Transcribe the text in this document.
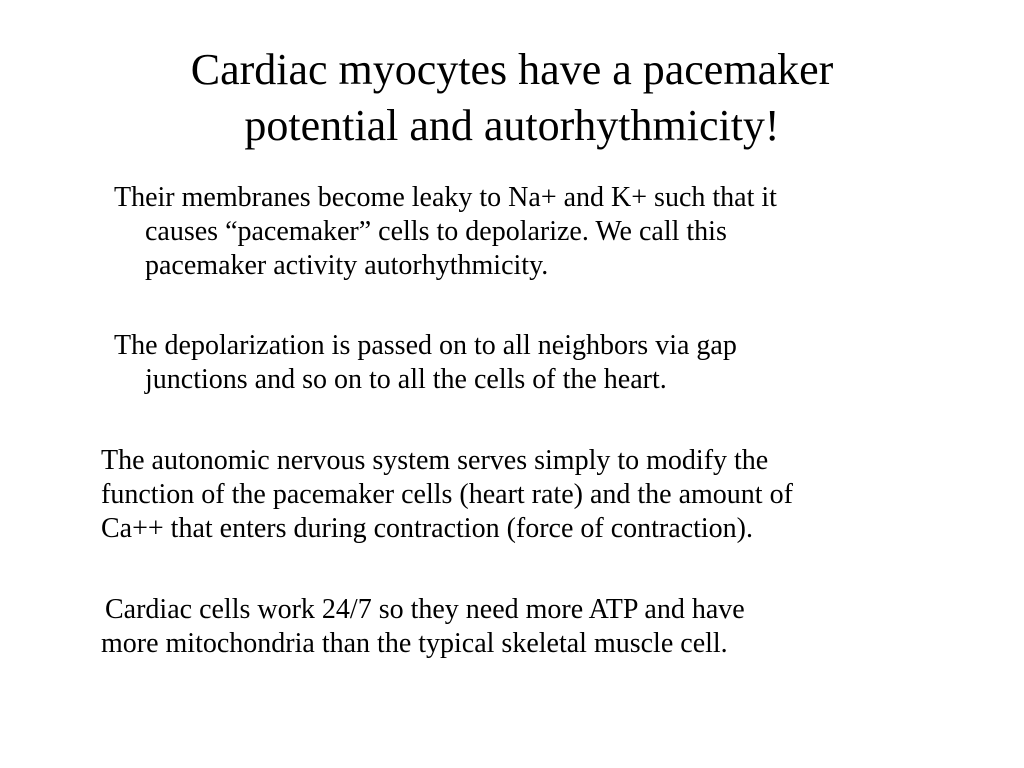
Cardiac myocytes have a pacemaker
potential and autorhythmicity!
Their membranes become leaky to Na+ and K+ such that it
causes “pacemaker” cells to depolarize. We call this
pacemaker activity autorhythmicity.
The depolarization is passed on to all neighbors via gap
junctions and so on to all the cells of the heart.
The autonomic nervous system serves simply to modify the
function of the pacemaker cells (heart rate) and the amount of
Ca++ that enters during contraction (force of contraction).
Cardiac cells work 24/7 so they need more ATP and have
more mitochondria than the typical skeletal muscle cell.
